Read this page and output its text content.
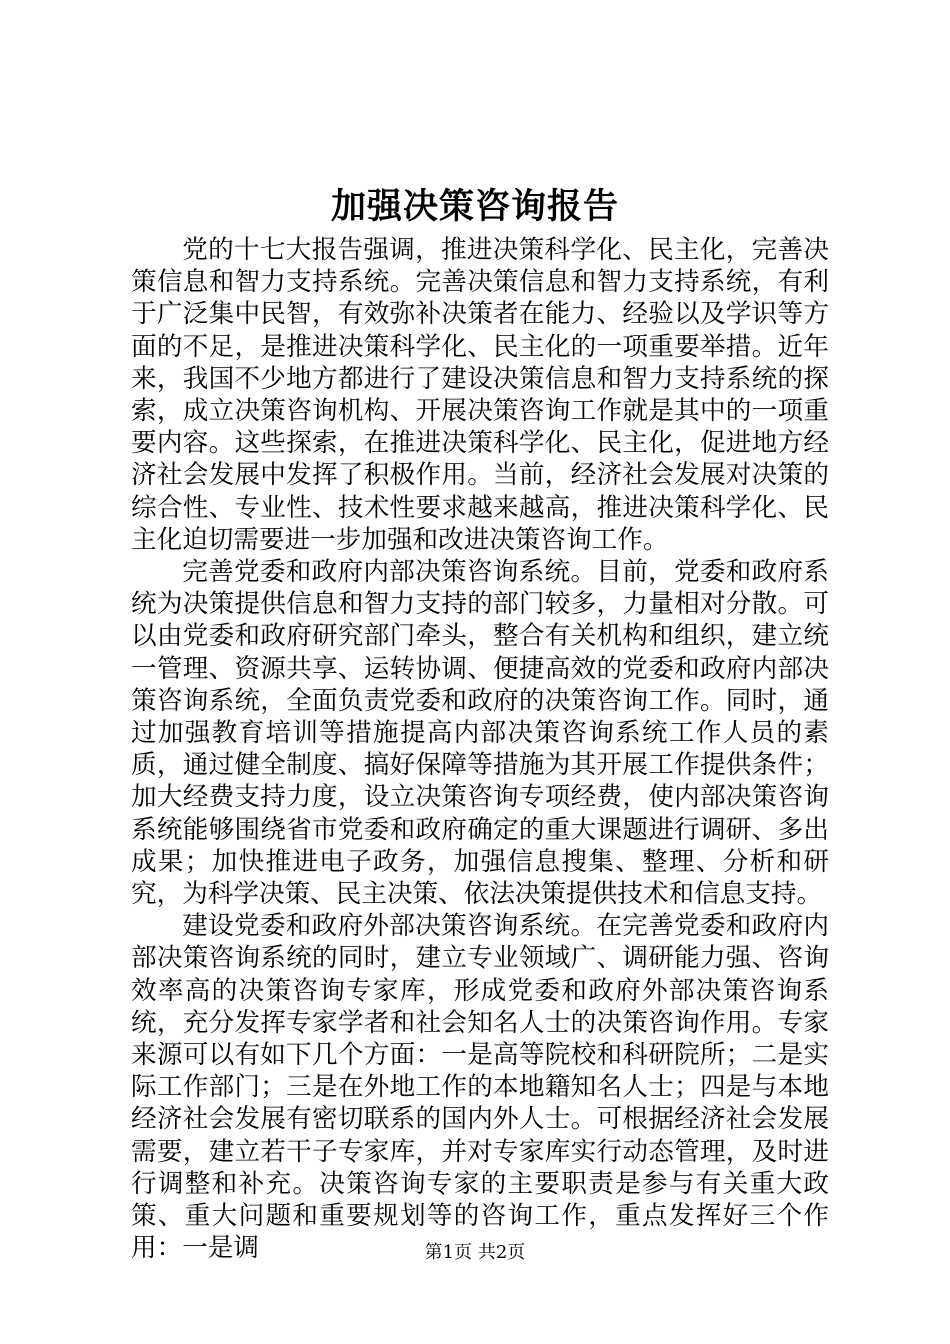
加强决策咨询报告

党的十七大报告强调，推进决策科学化、民主化，完善决策信息和智力支持系统。完善决策信息和智力支持系统，有利于广泛集中民智，有效弥补决策者在能力、经验以及学识等方面的不足，是推进决策科学化、民主化的一项重要举措。近年来，我国不少地方都进行了建设决策信息和智力支持系统的探索，成立决策咨询机构、开展决策咨询工作就是其中的一项重要内容。这些探索，在推进决策科学化、民主化，促进地方经济社会发展中发挥了积极作用。当前，经济社会发展对决策的综合性、专业性、技术性要求越来越高，推进决策科学化、民主化迫切需要进一步加强和改进决策咨询工作。

完善党委和政府内部决策咨询系统。目前，党委和政府系统为决策提供信息和智力支持的部门较多，力量相对分散。可以由党委和政府研究部门牵头，整合有关机构和组织，建立统一管理、资源共享、运转协调、便捷高效的党委和政府内部决策咨询系统，全面负责党委和政府的决策咨询工作。同时，通过加强教育培训等措施提高内部决策咨询系统工作人员的素质，通过健全制度、搞好保障等措施为其开展工作提供条件；加大经费支持力度，设立决策咨询专项经费，使内部决策咨询系统能够围绕省市党委和政府确定的重大课题进行调研、多出成果；加快推进电子政务，加强信息搜集、整理、分析和研究，为科学决策、民主决策、依法决策提供技术和信息支持。

建设党委和政府外部决策咨询系统。在完善党委和政府内部决策咨询系统的同时，建立专业领域广、调研能力强、咨询效率高的决策咨询专家库，形成党委和政府外部决策咨询系统，充分发挥专家学者和社会知名人士的决策咨询作用。专家来源可以有如下几个方面：一是高等院校和科研院所；二是实际工作部门；三是在外地工作的本地籍知名人士；四是与本地经济社会发展有密切联系的国内外人士。可根据经济社会发展需要，建立若干子专家库，并对专家库实行动态管理，及时进行调整和补充。决策咨询专家的主要职责是参与有关重大政策、重大问题和重要规划等的咨询工作，重点发挥好三个作用：一是调	第1页 共2页
